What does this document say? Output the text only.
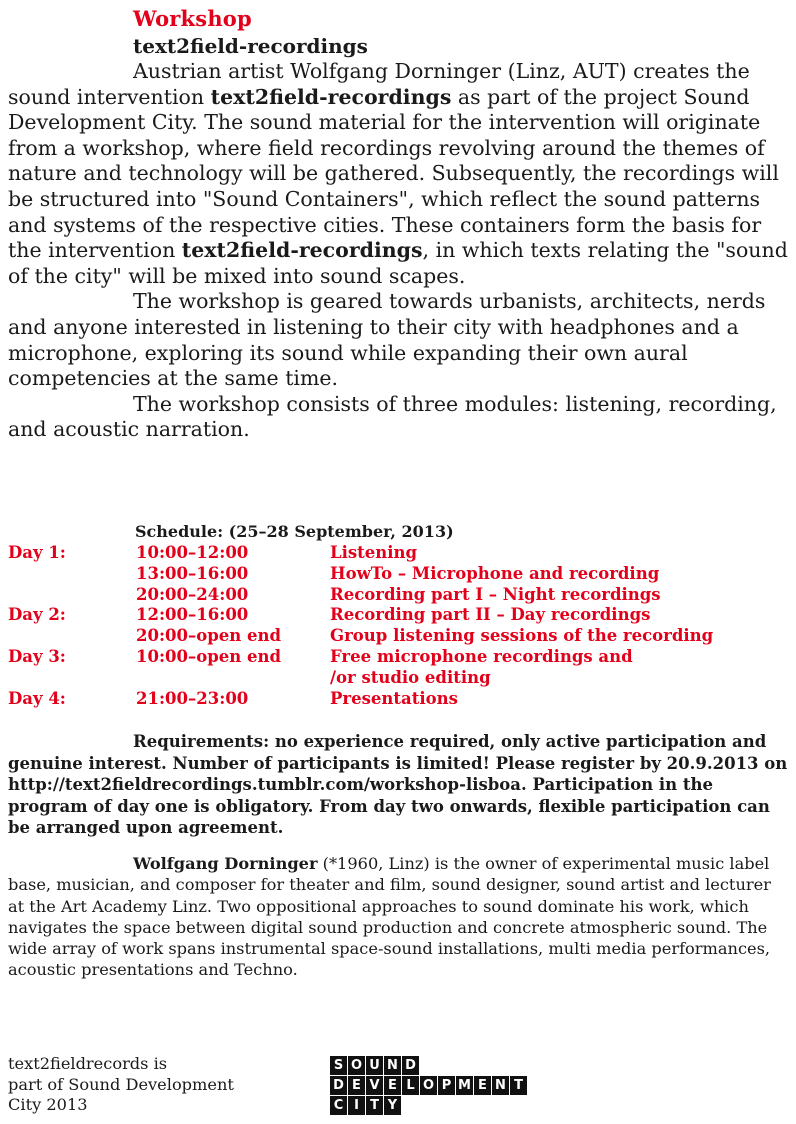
Workshop
text2field-recordings

Austrian artist Wolfgang Dorninger (Linz, AUT) creates the sound intervention text2field-recordings as part of the project Sound Development City. The sound material for the intervention will originate from a workshop, where field recordings revolving around the themes of nature and technology will be gathered. Subsequently, the recordings will be structured into "Sound Containers", which reflect the sound patterns and systems of the respective cities. These containers form the basis for the intervention text2field-recordings, in which texts relating the "sound of the city" will be mixed into sound scapes.

The workshop is geared towards urbanists, architects, nerds and anyone interested in listening to their city with headphones and a microphone, exploring its sound while expanding their own aural competencies at the same time.

The workshop consists of three modules: listening, recording, and acoustic narration.

Schedule: (25–28 September, 2013)
Day 1:	10:00–12:00	Listening
13:00–16:00	HowTo – Microphone and recording
20:00–24:00	Recording part I – Night recordings
Day 2:	12:00–16:00	Recording part II – Day recordings
20:00–open end	Group listening sessions of the recording
Day 3:	10:00–open end	Free microphone recordings and
/or studio editing
Day 4:	21:00–23:00	Presentations

Requirements: no experience required, only active participation and genuine interest. Number of participants is limited! Please register by 20.9.2013 on http://text2fieldrecordings.tumblr.com/workshop-lisboa. Participation in the program of day one is obligatory. From day two onwards, flexible participation can be arranged upon agreement.

Wolfgang Dorninger (*1960, Linz) is the owner of experimental music label base, musician, and composer for theater and film, sound designer, sound artist and lecturer at the Art Academy Linz. Two oppositional approaches to sound dominate his work, which navigates the space between digital sound production and concrete atmospheric sound. The wide array of work spans instrumental space-sound installations, multi media performances, acoustic presentations and Techno.

text2fieldrecords is
part of Sound Development
City 2013
S O U N D
D E V E L O P M E N T
C I T Y
